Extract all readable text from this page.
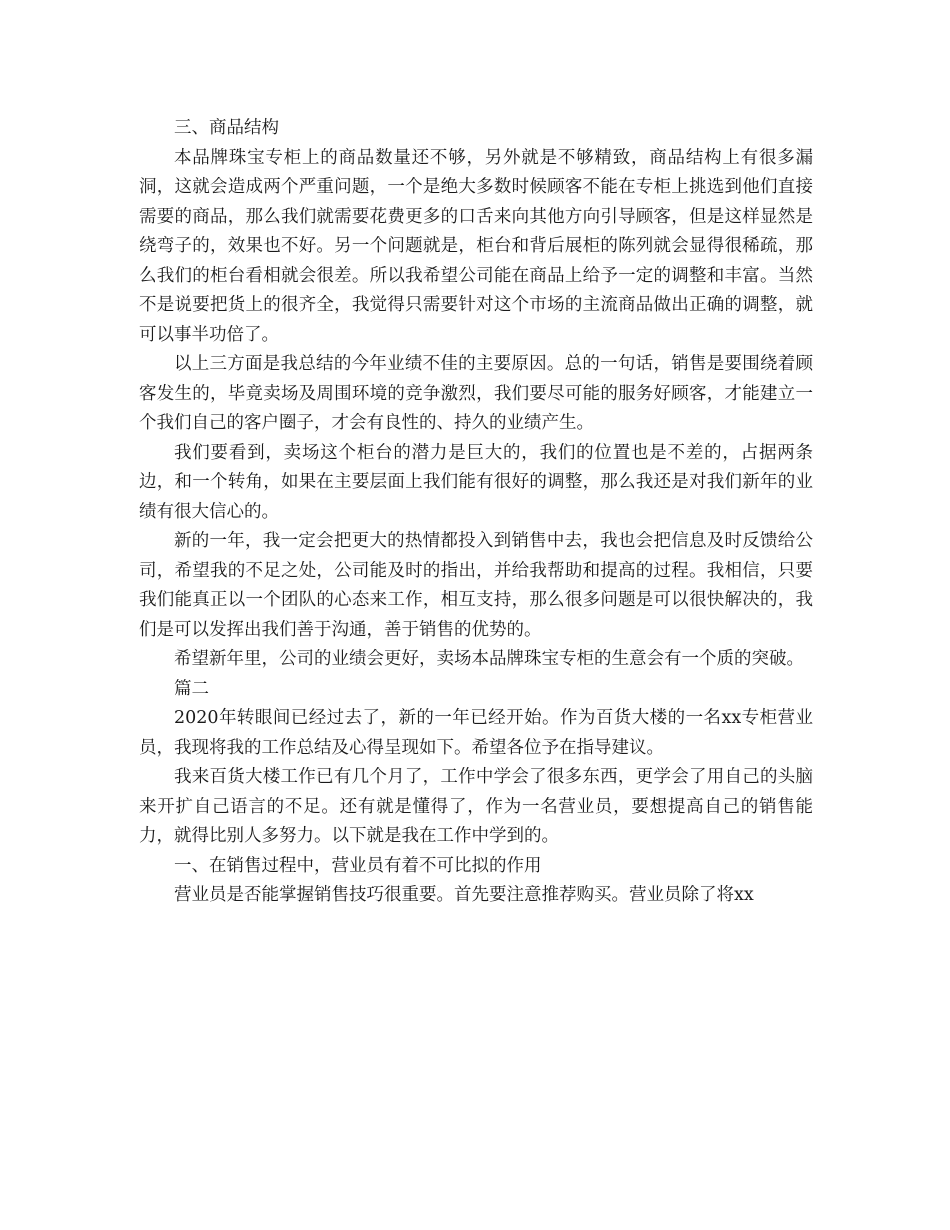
三、商品结构

本品牌珠宝专柜上的商品数量还不够，另外就是不够精致，商品结构上有很多漏洞，这就会造成两个严重问题，一个是绝大多数时候顾客不能在专柜上挑选到他们直接需要的商品，那么我们就需要花费更多的口舌来向其他方向引导顾客，但是这样显然是绕弯子的，效果也不好。另一个问题就是，柜台和背后展柜的陈列就会显得很稀疏，那么我们的柜台看相就会很差。所以我希望公司能在商品上给予一定的调整和丰富。当然不是说要把货上的很齐全，我觉得只需要针对这个市场的主流商品做出正确的调整，就可以事半功倍了。

以上三方面是我总结的今年业绩不佳的主要原因。总的一句话，销售是要围绕着顾客发生的，毕竟卖场及周围环境的竞争激烈，我们要尽可能的服务好顾客，才能建立一个我们自己的客户圈子，才会有良性的、持久的业绩产生。

我们要看到，卖场这个柜台的潜力是巨大的，我们的位置也是不差的，占据两条边，和一个转角，如果在主要层面上我们能有很好的调整，那么我还是对我们新年的业绩有很大信心的。

新的一年，我一定会把更大的热情都投入到销售中去，我也会把信息及时反馈给公司，希望我的不足之处，公司能及时的指出，并给我帮助和提高的过程。我相信，只要我们能真正以一个团队的心态来工作，相互支持，那么很多问题是可以很快解决的，我们是可以发挥出我们善于沟通，善于销售的优势的。

希望新年里，公司的业绩会更好，卖场本品牌珠宝专柜的生意会有一个质的突破。

篇二

2020年转眼间已经过去了，新的一年已经开始。作为百货大楼的一名xx专柜营业员，我现将我的工作总结及心得呈现如下。希望各位予在指导建议。

我来百货大楼工作已有几个月了，工作中学会了很多东西，更学会了用自己的头脑来开扩自己语言的不足。还有就是懂得了，作为一名营业员，要想提高自己的销售能力，就得比别人多努力。以下就是我在工作中学到的。

一、在销售过程中，营业员有着不可比拟的作用

营业员是否能掌握销售技巧很重要。首先要注意推荐购买。营业员除了将xx
